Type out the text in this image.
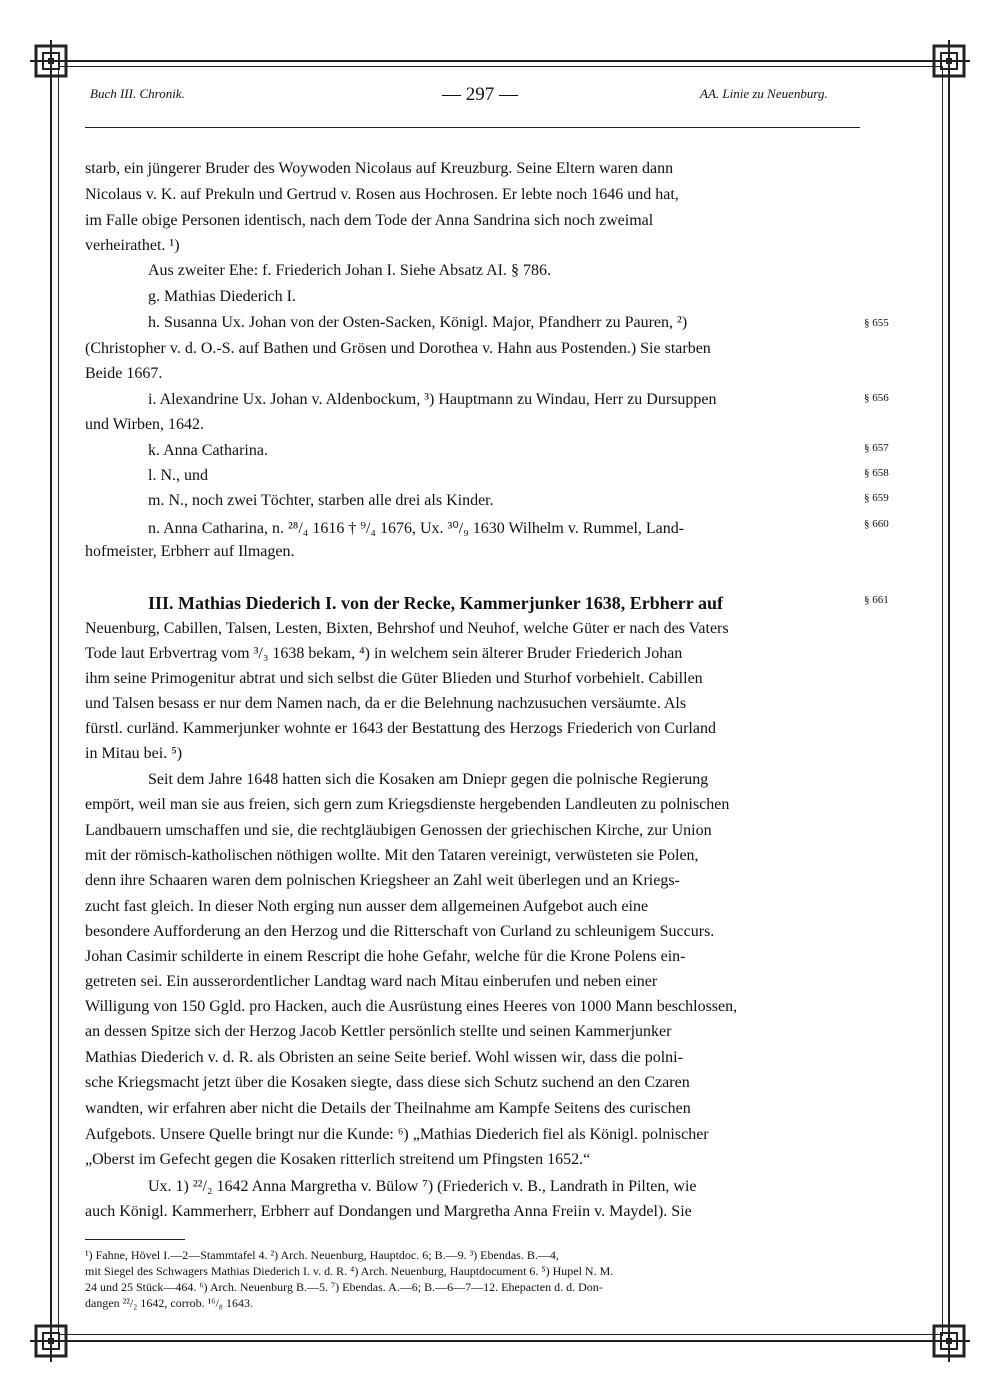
Buch III. Chronik.	— 297 —	AA. Linie zu Neuenburg.
starb, ein jüngerer Bruder des Woywoden Nicolaus auf Kreuzburg. Seine Eltern waren dann
Nicolaus v. K. auf Prekuln und Gertrud v. Rosen aus Hochrosen. Er lebte noch 1646 und hat,
im Falle obige Personen identisch, nach dem Tode der Anna Sandrina sich noch zweimal
verheirathet. ¹)
Aus zweiter Ehe: f. Friederich Johan I. Siehe Absatz AI. § 786.
g. Mathias Diederich I.
h. Susanna Ux. Johan von der Osten-Sacken, Königl. Major, Pfandherr zu Pauren, ²)	§ 655
(Christopher v. d. O.-S. auf Bathen und Grösen und Dorothea v. Hahn aus Postenden.) Sie starben
Beide 1667.
i. Alexandrine Ux. Johan v. Aldenbockum, ³) Hauptmann zu Windau, Herr zu Dursuppen	§ 656
und Wirben, 1642.
k. Anna Catharina.	§ 657
l. N., und	§ 658
m. N., noch zwei Töchter, starben alle drei als Kinder.	§ 659
n. Anna Catharina, n. ²⁸/₄ 1616 † ⁹/₄ 1676, Ux. ³⁰/₉ 1630 Wilhelm v. Rummel, Land-	§ 660
hofmeister, Erbherr auf Ilmagen.
III. Mathias Diederich I. von der Recke, Kammerjunker 1638, Erbherr auf	§ 661
Neuenburg, Cabillen, Talsen, Lesten, Bixten, Behrshof und Neuhof, welche Güter er nach des Vaters
Tode laut Erbvertrag vom ³/₃ 1638 bekam, ⁴) in welchem sein älterer Bruder Friederich Johan
ihm seine Primogenitur abtrat und sich selbst die Güter Blieden und Sturhof vorbehielt. Cabillen
und Talsen besass er nur dem Namen nach, da er die Belehnung nachzusuchen versäumte. Als
fürstl. curländ. Kammerjunker wohnte er 1643 der Bestattung des Herzogs Friederich von Curland
in Mitau bei. ⁵)
Seit dem Jahre 1648 hatten sich die Kosaken am Dniepr gegen die polnische Regierung
empört, weil man sie aus freien, sich gern zum Kriegsdienste hergebenden Landleuten zu polnischen
Landbauern umschaffen und sie, die rechtgläubigen Genossen der griechischen Kirche, zur Union
mit der römisch-katholischen nöthigen wollte. Mit den Tataren vereinigt, verwüsteten sie Polen,
denn ihre Schaaren waren dem polnischen Kriegsheer an Zahl weit überlegen und an Kriegs-
zucht fast gleich. In dieser Noth erging nun ausser dem allgemeinen Aufgebot auch eine
besondere Aufforderung an den Herzog und die Ritterschaft von Curland zu schleunigem Succurs.
Johan Casimir schilderte in einem Rescript die hohe Gefahr, welche für die Krone Polens ein-
getreten sei. Ein ausserordentlicher Landtag ward nach Mitau einberufen und neben einer
Willigung von 150 Ggld. pro Hacken, auch die Ausrüstung eines Heeres von 1000 Mann beschlossen,
an dessen Spitze sich der Herzog Jacob Kettler persönlich stellte und seinen Kammerjunker
Mathias Diederich v. d. R. als Obristen an seine Seite berief. Wohl wissen wir, dass die polni-
sche Kriegsmacht jetzt über die Kosaken siegte, dass diese sich Schutz suchend an den Czaren
wandten, wir erfahren aber nicht die Details der Theilnahme am Kampfe Seitens des curischen
Aufgebots. Unsere Quelle bringt nur die Kunde: ⁶) „Mathias Diederich fiel als Königl. polnischer
„Oberst im Gefecht gegen die Kosaken ritterlich streitend um Pfingsten 1652.“
Ux. 1) ²²/₂ 1642 Anna Margretha v. Bülow ⁷) (Friederich v. B., Landrath in Pilten, wie
auch Königl. Kammerherr, Erbherr auf Dondangen und Margretha Anna Freiin v. Maydel). Sie
¹) Fahne, Hövel I.—2—Stammtafel 4. ²) Arch. Neuenburg, Hauptdoc. 6; B.—9. ³) Ebendas. B.—4,
mit Siegel des Schwagers Mathias Diederich I. v. d. R. ⁴) Arch. Neuenburg, Hauptdocument 6. ⁵) Hupel N. M.
24 und 25 Stück—464. ⁶) Arch. Neuenburg B.—5. ⁷) Ebendas. A.—6; B.—6—7—12. Ehepacten d. d. Don-
dangen ²²/₂ 1642, corrob. ¹⁶/₈ 1643.
